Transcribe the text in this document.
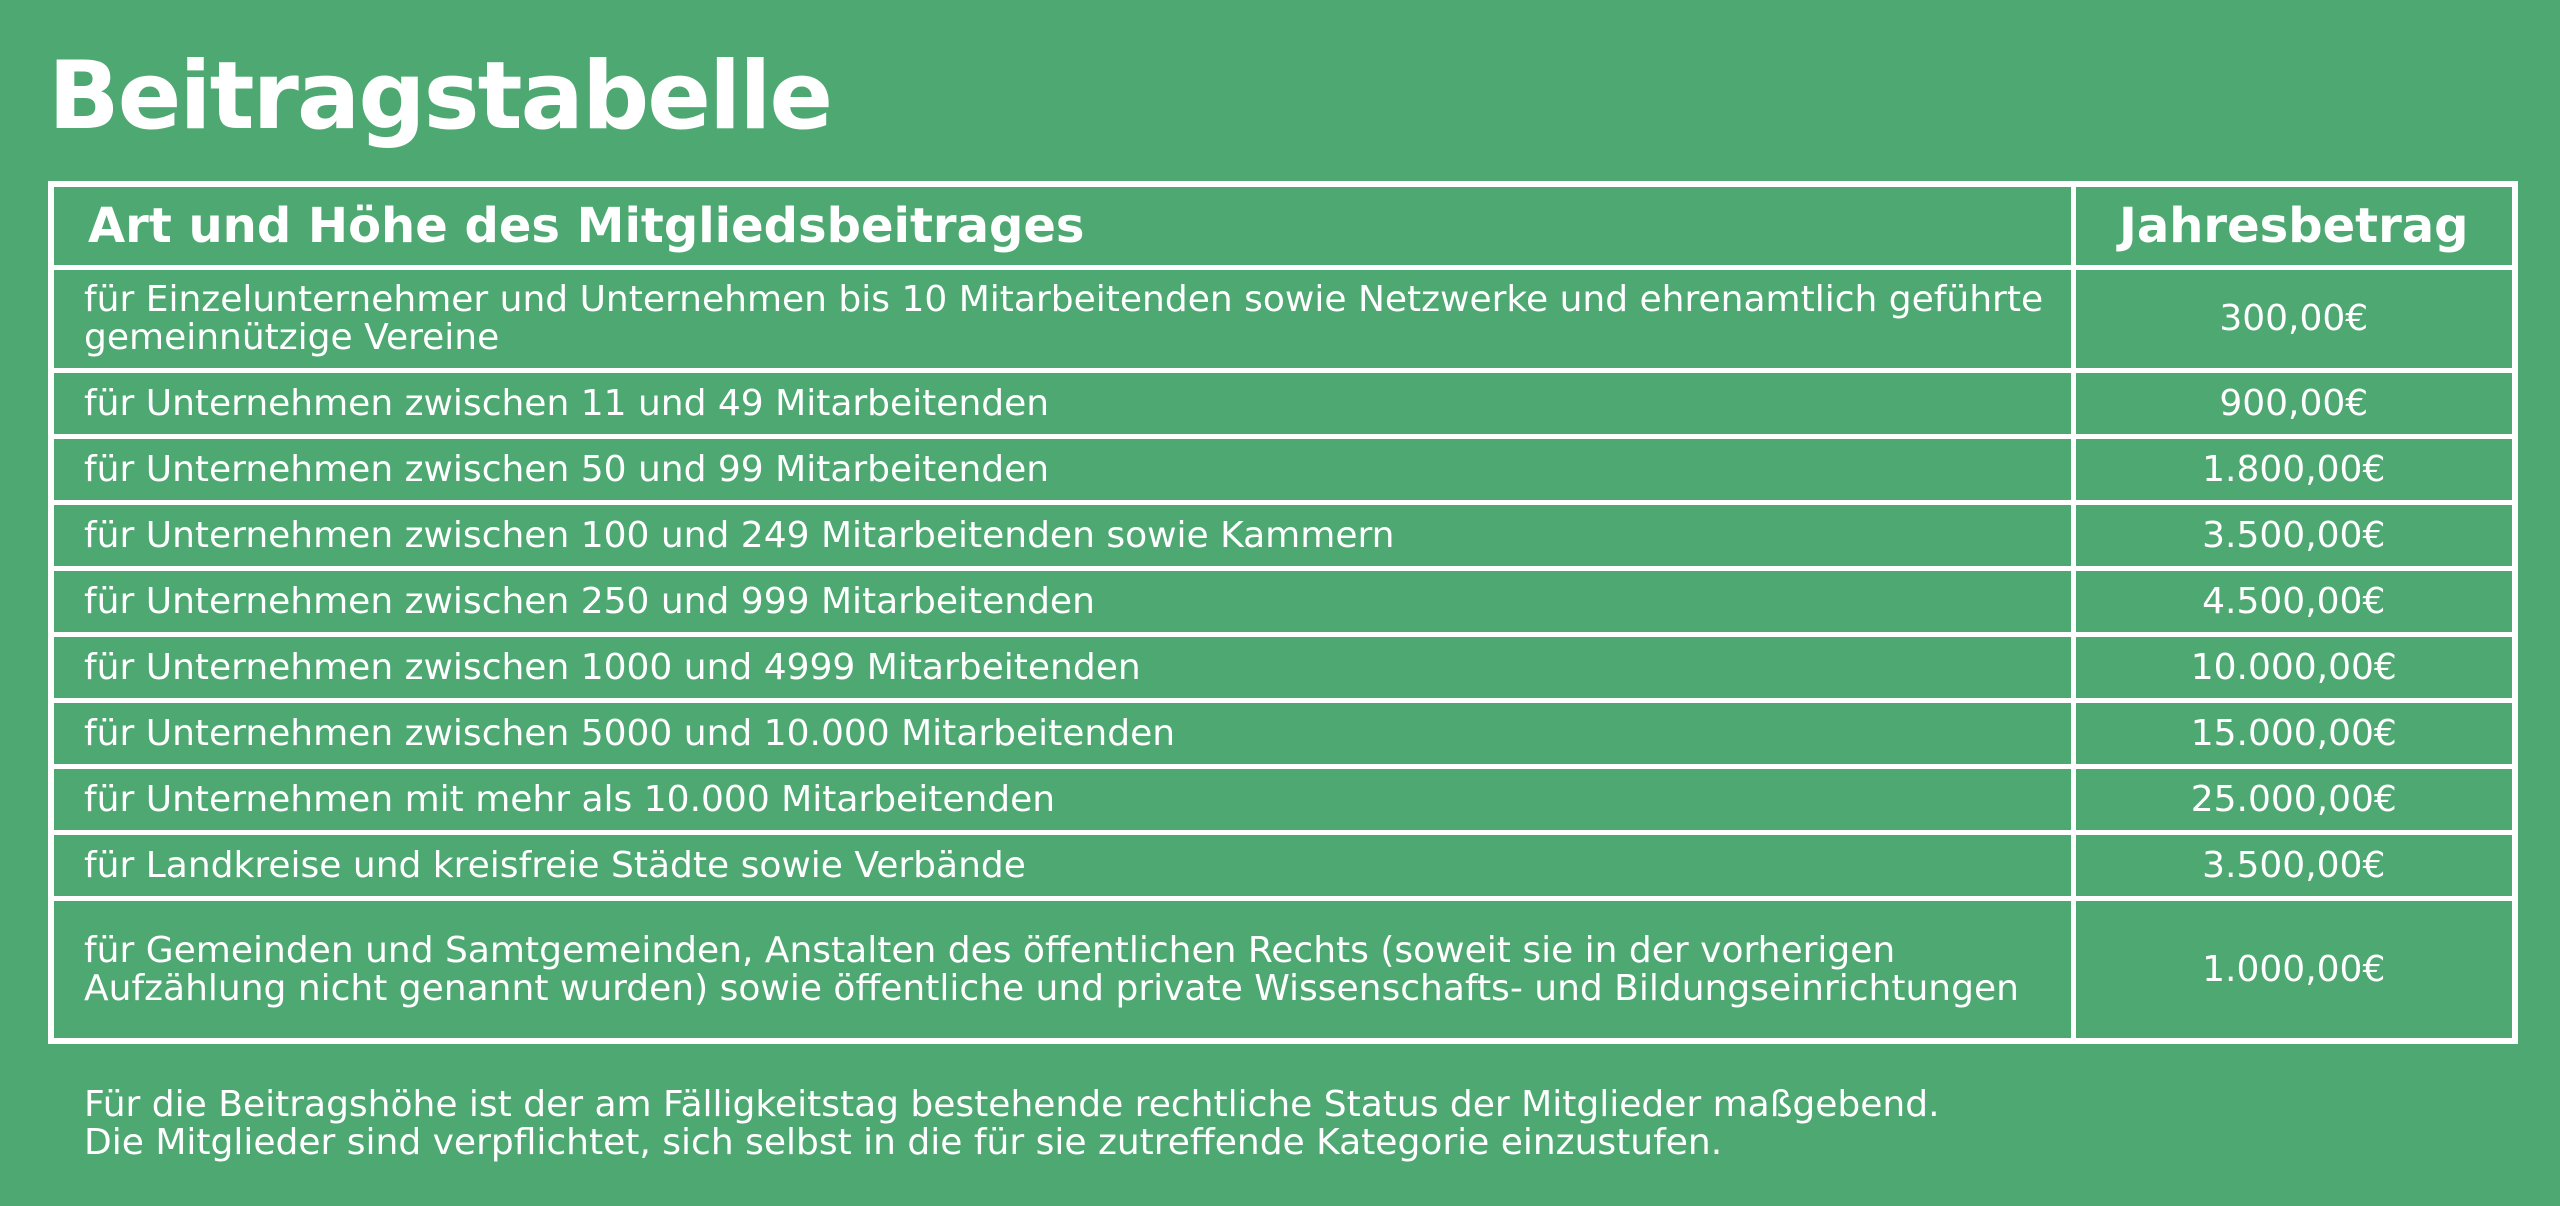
Beitragstabelle
Art und Höhe des Mitgliedsbeitrages	Jahresbetrag

für Einzelunternehmer und Unternehmen bis 10 Mitarbeitenden sowie Netzwerke und ehrenamtlich geführte gemeinnützige Vereine	300,00€

für Unternehmen zwischen 11 und 49 Mitarbeitenden	900,00€

für Unternehmen zwischen 50 und 99 Mitarbeitenden	1.800,00€

für Unternehmen zwischen 100 und 249 Mitarbeitenden sowie Kammern	3.500,00€

für Unternehmen zwischen 250 und 999 Mitarbeitenden	4.500,00€

für Unternehmen zwischen 1000 und 4999 Mitarbeitenden	10.000,00€

für Unternehmen zwischen 5000 und 10.000 Mitarbeitenden	15.000,00€

für Unternehmen mit mehr als 10.000 Mitarbeitenden	25.000,00€

für Landkreise und kreisfreie Städte sowie Verbände	3.500,00€

für Gemeinden und Samtgemeinden, Anstalten des öffentlichen Rechts (soweit sie in der vorherigen Aufzählung nicht genannt wurden) sowie öffentliche und private Wissenschafts- und Bildungseinrichtungen	1.000,00€

Für die Beitragshöhe ist der am Fälligkeitstag bestehende rechtliche Status der Mitglieder maßgebend.
Die Mitglieder sind verpflichtet, sich selbst in die für sie zutreffende Kategorie einzustufen.
